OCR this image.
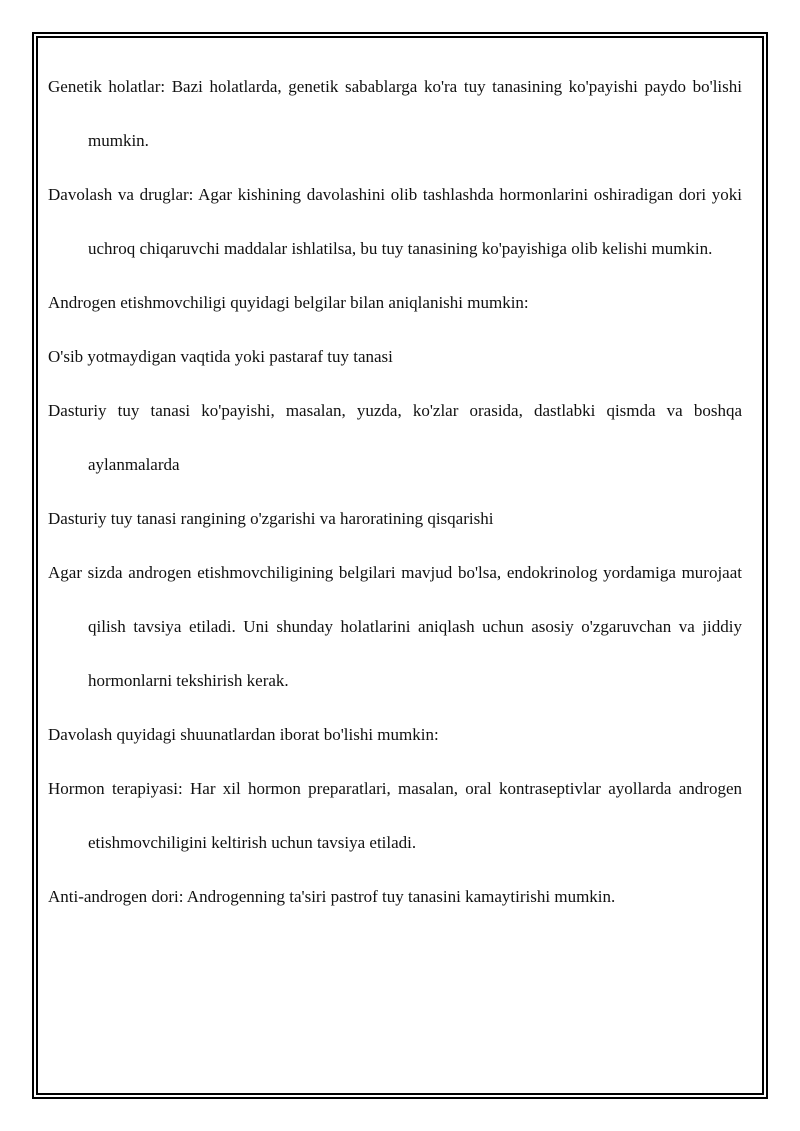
Genetik holatlar: Bazi holatlarda, genetik sabablarga ko'ra tuy tanasining ko'payishi paydo bo'lishi mumkin.

Davolash va druglar: Agar kishining davolashini olib tashlashda hormonlarini oshiradigan dori yoki uchroq chiqaruvchi maddalar ishlatilsa, bu tuy tanasining ko'payishiga olib kelishi mumkin.

Androgen etishmovchiligi quyidagi belgilar bilan aniqlanishi mumkin:

O'sib yotmaydigan vaqtida yoki pastaraf tuy tanasi

Dasturiy tuy tanasi ko'payishi, masalan, yuzda, ko'zlar orasida, dastlabki qismda va boshqa aylanmalarda

Dasturiy tuy tanasi rangining o'zgarishi va haroratining qisqarishi

Agar sizda androgen etishmovchiligining belgilari mavjud bo'lsa, endokrinolog yordamiga murojaat qilish tavsiya etiladi. Uni shunday holatlarini aniqlash uchun asosiy o'zgaruvchan va jiddiy hormonlarni tekshirish kerak.

Davolash quyidagi shuunatlardan iborat bo'lishi mumkin:

Hormon terapiyasi: Har xil hormon preparatlari, masalan, oral kontraseptivlar ayollarda androgen etishmovchiligini keltirish uchun tavsiya etiladi.

Anti-androgen dori: Androgenning ta'siri pastrof tuy tanasini kamaytirishi mumkin.
